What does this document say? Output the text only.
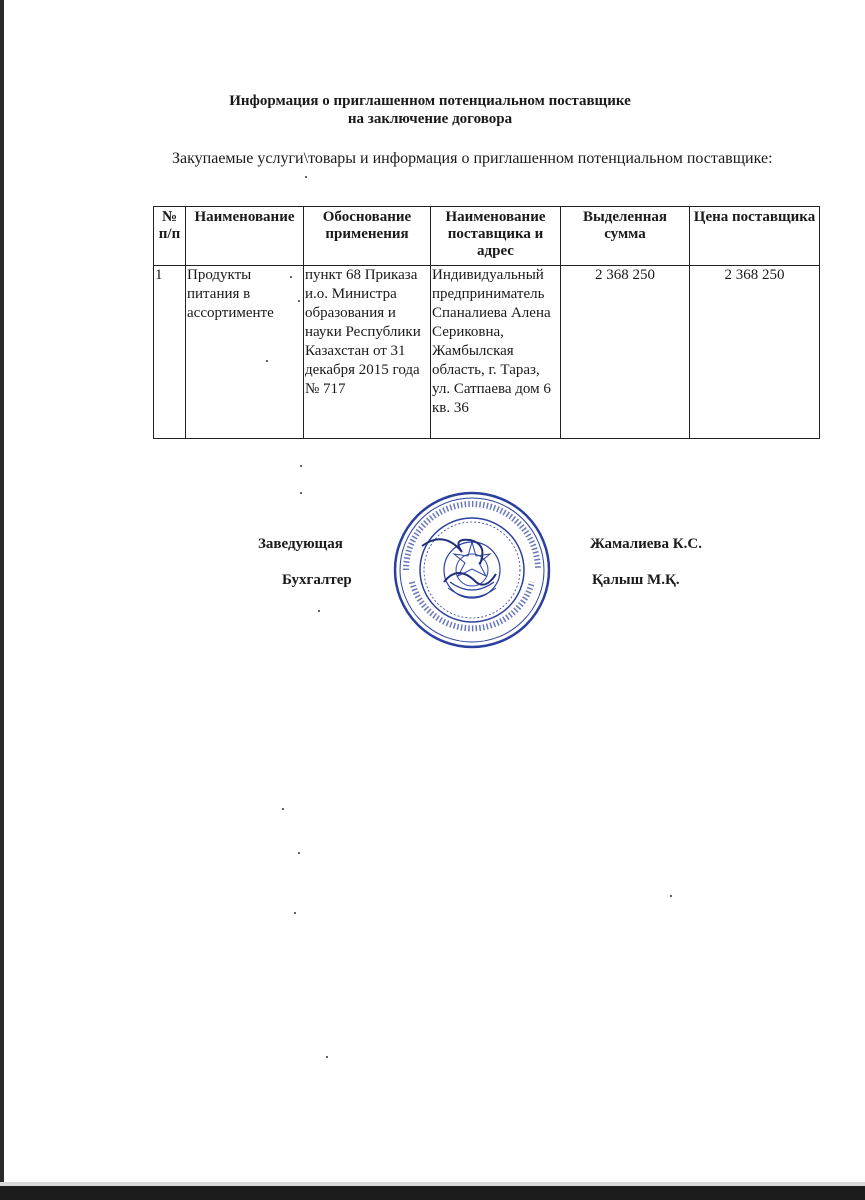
Информация о приглашенном потенциальном поставщике
на заключение договора
Закупаемые услуги\товары и информация о приглашенном потенциальном поставщике:
№ п/п	Наименование	Обоснование применения	Наименование поставщика и адрес	Выделенная сумма	Цена поставщика
1	Продукты питания в ассортименте	пункт 68 Приказа и.о. Министра образования и науки Республики Казахстан от 31 декабря 2015 года № 717	Индивидуальный предприниматель Спаналиева Алена Сериковна, Жамбылская область, г. Тараз, ул. Сатпаева дом 6 кв. 36	2 368 250	2 368 250
Заведующая	Жамалиева К.С.
Бухгалтер	Қалыш М.Қ.
